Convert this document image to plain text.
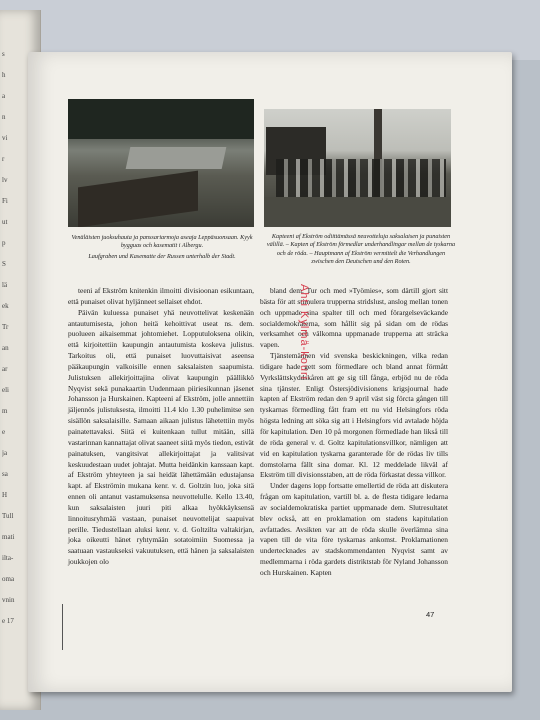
s
h
a
n
vi
r
lv
Fi
ut
p
S
lä
ek
Tr
an
ar
eli
m
e
ja
sa
H
Tull
mati
ilta-
oma
vnin
e 17
Venäläisten juoksuhauta ja panssariarmoja aseaja Leppäsuonsaan. Kyyk bygguas och kasematit i Albergu.
Laufgraben und Kasematte der Russen unterhalb der Stadt.
Kapteeni af Ekström odiittämässä neuvotteluja saksalaisen ja punaisten välillä. – Kapten af Ekström förmedlar underhandlingar mellan de tyskarna och de röda. – Hauptmann af Ekström vermittelt die Verhandlungen zwischen den Deutschen und den Roten.

teeni af Ekström knitenkin ilmoitti divisioonan esikuntaan, että punaiset olivat hyljänneet sellaiset ehdot.

Päivän kuluessa punaiset yhä neuvottelivat keskenään antautumisesta, johon heitä kehoittivat useat ns. dem. puolueen aikaisemmat johtomiehet. Lopputuloksena olikin, että kirjoitettiin kaupungin antautumista koskeva julistus. Tarkoitus oli, että punaiset luovuttaisivat aseensa pääkaupungin valkoisille ennen saksalaisten saapumista. Julistuksen allekirjoittajina olivat kaupungin päällikkö Nyqvist sekä punakaartin Uudenmaan piiriesikunnan jäsenet Johansson ja Hurskainen. Kapteeni af Ekström, jolle annettiin jäljennös julistuksesta, ilmoitti 11.4 klo 1.30 puhelimitse sen sisällön saksalaisille. Samaan aikaan julistus lähetettiin myös painatettavaksi. Siitä ei kuitenkaan tullut mitään, sillä vastarinnan kannattajat olivat saaneet siitä myös tiedon, estivät painatuksen, vangitsivat allekirjoittajat ja valitsivat keskuudestaan uudet johtajat. Mutta heidänkin kanssaan kapt. af Ekström yhteyteen ja sai heidät lähettämään edustajansa kapt. af Ekströmin mukana kenr. v. d. Goltzin luo, joka sitä ennen oli antanut vastamuksensa neuvottelulle. Kello 13.40, kun saksalaisten juuri piti alkaa hyökkäyksensä linnoitusryhmää vastaan, punaiset neuvottelijat saapuivat perille. Tiedustellaan aluksi kenr. v. d. Goltzilta valtakirjan, joka oikeutti hänet ryhtymään sotatoimiin Suomessa ja saatuaan vastaukseksi vakuutuksen, että hänen ja saksalaisten joukkojen olo

bland dem. Tur och med »Työmies«, som därtill gjort sitt bästa för att stimulera trupperna stridslust, anslog mellan tonen och uppmade sina spalter till och med förargelseväckande socialdemokraterna, som hållit sig på sidan om de rödas verksamhet och välkomna uppmanade trupperna att sträcka vapen.

Tjänstemännen vid svenska beskickningen, vilka redan tidigare hade gett som förmedlare och bland annat förmått Vyrkslättskyddskåren att ge sig till fånga, erbjöd nu de röda sina tjänster. Enligt Östersjödivisionens krigsjournal hade kapten af Ekström redan den 9 april väst sig förcta gången till tyskarnas förmedling fått fram ett nu vid Helsingfors röda högsta ledning att söka sig att i Helsingfors vid avtalade höjda för kapitulation. Den 10 på morgonen förmedlade han likså till de röda general v. d. Goltz kapitulationsvillkor, nämligen att vid en kapitulation tyskarna garanterade för de rödas liv tills domstolarna fällt sina domar. Kl. 12 meddelade likväl af Ekström till divisionsstaben, att de röda förkastat dessa villkor.

Under dagens lopp fortsatte emellertid de röda att diskutera frågan om kapitulation, vartill bl. a. de flesta tidigare ledarna av socialdemokratiska partiet uppmanade dem. Slutresultatet blev också, att en proklamation om stadens kapitulation avfattades. Avsikten var att de röda skulle överlämna sina vapen till de vita före tyskarnas ankomst. Proklamationen undertecknades av stadskommendanten Nyqvist samt av medlemmarna i röda gardets distriktstab för Nyland Johansson och Hurskainen. Kapten

Ahti Kylmä-kouri
47
